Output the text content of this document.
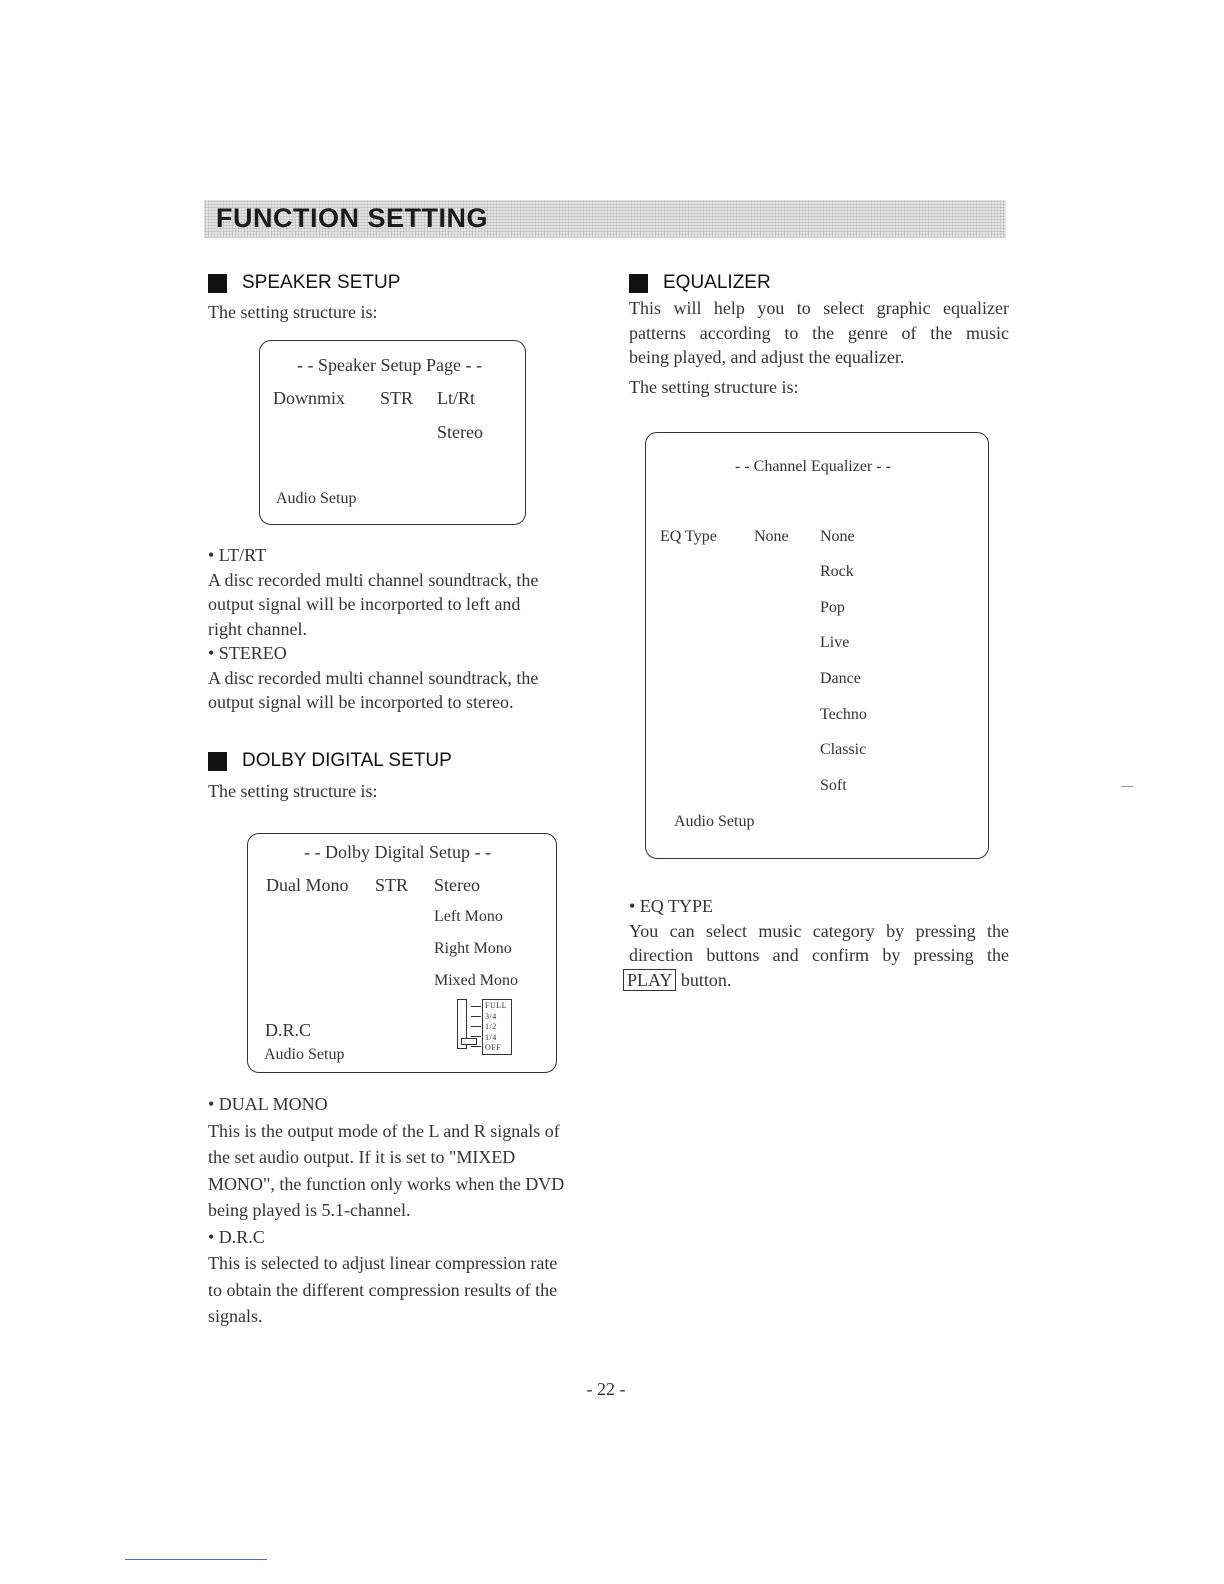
FUNCTION SETTING
SPEAKER SETUP
The setting structure is:
- - Speaker Setup Page - -
Downmix STR Lt/Rt
Stereo
Audio Setup

• LT/RT

A disc recorded multi channel soundtrack, the

output signal will be incorported to left and

right channel.

• STEREO

A disc recorded multi channel soundtrack, the

output signal will be incorported to stereo.

DOLBY DIGITAL SETUP
The setting structure is:
- - Dolby Digital Setup - -
Dual Mono STR Stereo
Left Mono
Right Mono
Mixed Mono
D.R.C
Audio Setup
FULL
3/4
1/2
1/4
OFF

• DUAL MONO

This is the output mode of the L and R signals of

the set audio output. If it is set to "MIXED

MONO", the function only works when the DVD

being played is 5.1-channel.

• D.R.C

This is selected to adjust linear compression rate

to obtain the different compression results of the

signals.

EQUALIZER

This will help you to select graphic equalizer

patterns according to the genre of the music

being played, and adjust the equalizer.

The setting structure is:
- - Channel Equalizer - -
EQ Type None None
Rock
Pop
Live
Dance
Techno
Classic
Soft
Audio Setup

• EQ TYPE

You can select music category by pressing the

direction buttons and confirm by pressing the

PLAY button.

- 22 -
